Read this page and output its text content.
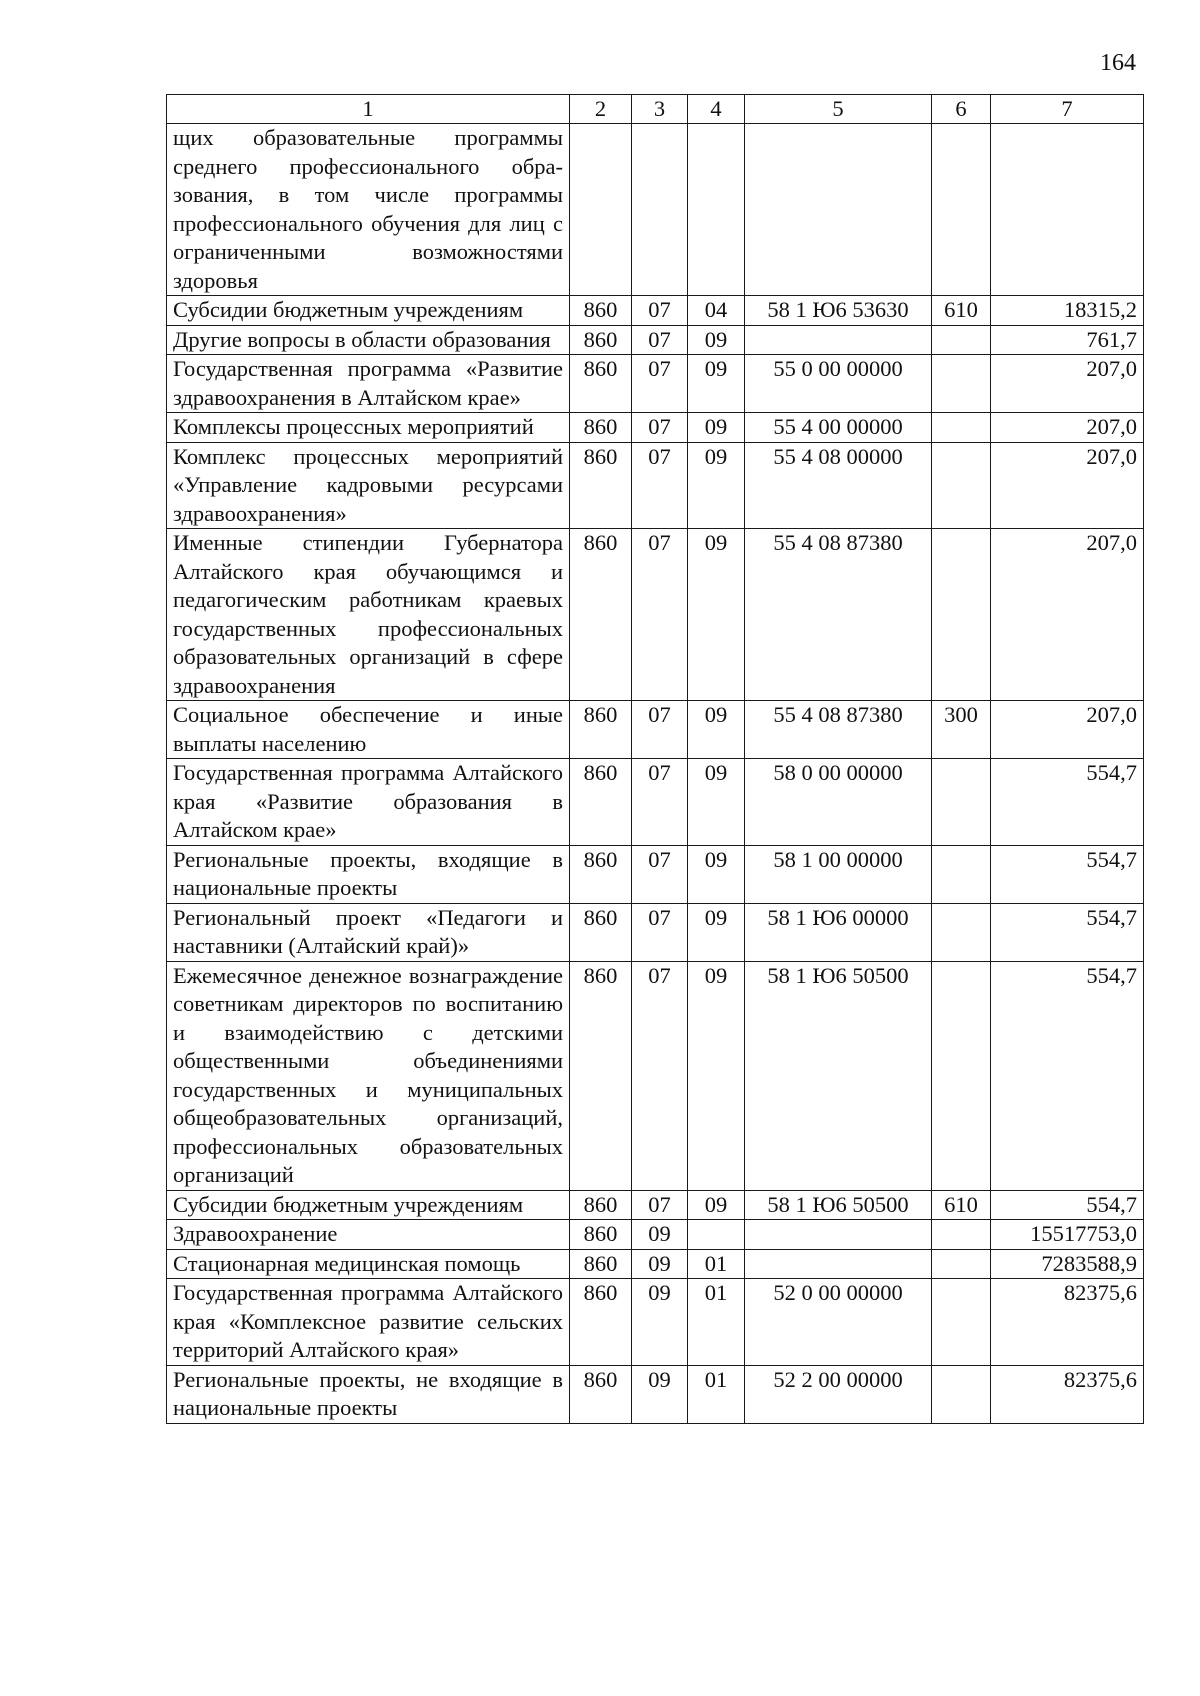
164
1	2	3	4	5	6	7
щих образовательные программы среднего профессионального образования, в том числе программы профессионального обучения для лиц с ограниченными возможностями здоровья						
Субсидии бюджетным учреждениям	860	07	04	58 1 Ю6 53630	610	18315,2
Другие вопросы в области образования	860	07	09			761,7
Государственная программа «Развитие здравоохранения в Алтайском крае»	860	07	09	55 0 00 00000		207,0
Комплексы процессных мероприятий	860	07	09	55 4 00 00000		207,0
Комплекс процессных мероприятий «Управление кадровыми ресурсами здравоохранения»	860	07	09	55 4 08 00000		207,0
Именные стипендии Губернатора Алтайского края обучающимся и педагогическим работникам краевых государственных профессиональных образовательных организаций в сфере здравоохранения	860	07	09	55 4 08 87380		207,0
Социальное обеспечение и иные выплаты населению	860	07	09	55 4 08 87380	300	207,0
Государственная программа Алтайского края «Развитие образования в Алтайском крае»	860	07	09	58 0 00 00000		554,7
Региональные проекты, входящие в национальные проекты	860	07	09	58 1 00 00000		554,7
Региональный проект «Педагоги и наставники (Алтайский край)»	860	07	09	58 1 Ю6 00000		554,7
Ежемесячное денежное вознаграждение советникам директоров по воспитанию и взаимодействию с детскими общественными объединениями государственных и муниципальных общеобразовательных организаций, профессиональных образовательных организаций	860	07	09	58 1 Ю6 50500		554,7
Субсидии бюджетным учреждениям	860	07	09	58 1 Ю6 50500	610	554,7
Здравоохранение	860	09				15517753,0
Стационарная медицинская помощь	860	09	01			7283588,9
Государственная программа Алтайского края «Комплексное развитие сельских территорий Алтайского края»	860	09	01	52 0 00 00000		82375,6
Региональные проекты, не входящие в национальные проекты	860	09	01	52 2 00 00000		82375,6
